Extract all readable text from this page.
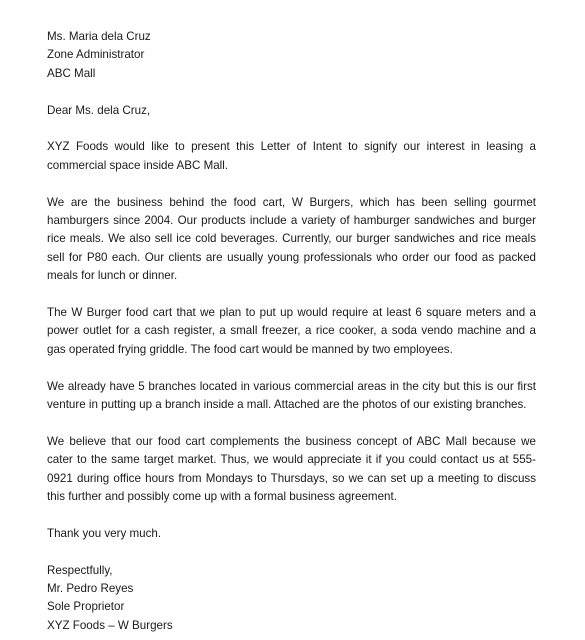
Ms. Maria dela Cruz
Zone Administrator
ABC Mall
Dear Ms. dela Cruz,

XYZ Foods would like to present this Letter of Intent to signify our interest in leasing a commercial space inside ABC Mall.

We are the business behind the food cart, W Burgers, which has been selling gourmet hamburgers since 2004. Our products include a variety of hamburger sandwiches and burger rice meals. We also sell ice cold beverages. Currently, our burger sandwiches and rice meals sell for P80 each. Our clients are usually young professionals who order our food as packed meals for lunch or dinner.

The W Burger food cart that we plan to put up would require at least 6 square meters and a power outlet for a cash register, a small freezer, a rice cooker, a soda vendo machine and a gas operated frying griddle. The food cart would be manned by two employees.

We already have 5 branches located in various commercial areas in the city but this is our first venture in putting up a branch inside a mall. Attached are the photos of our existing branches.

We believe that our food cart complements the business concept of ABC Mall because we cater to the same target market. Thus, we would appreciate it if you could contact us at 555-0921 during office hours from Mondays to Thursdays, so we can set up a meeting to discuss this further and possibly come up with a formal business agreement.

Thank you very much.

Respectfully,
Mr. Pedro Reyes
Sole Proprietor
XYZ Foods – W Burgers
